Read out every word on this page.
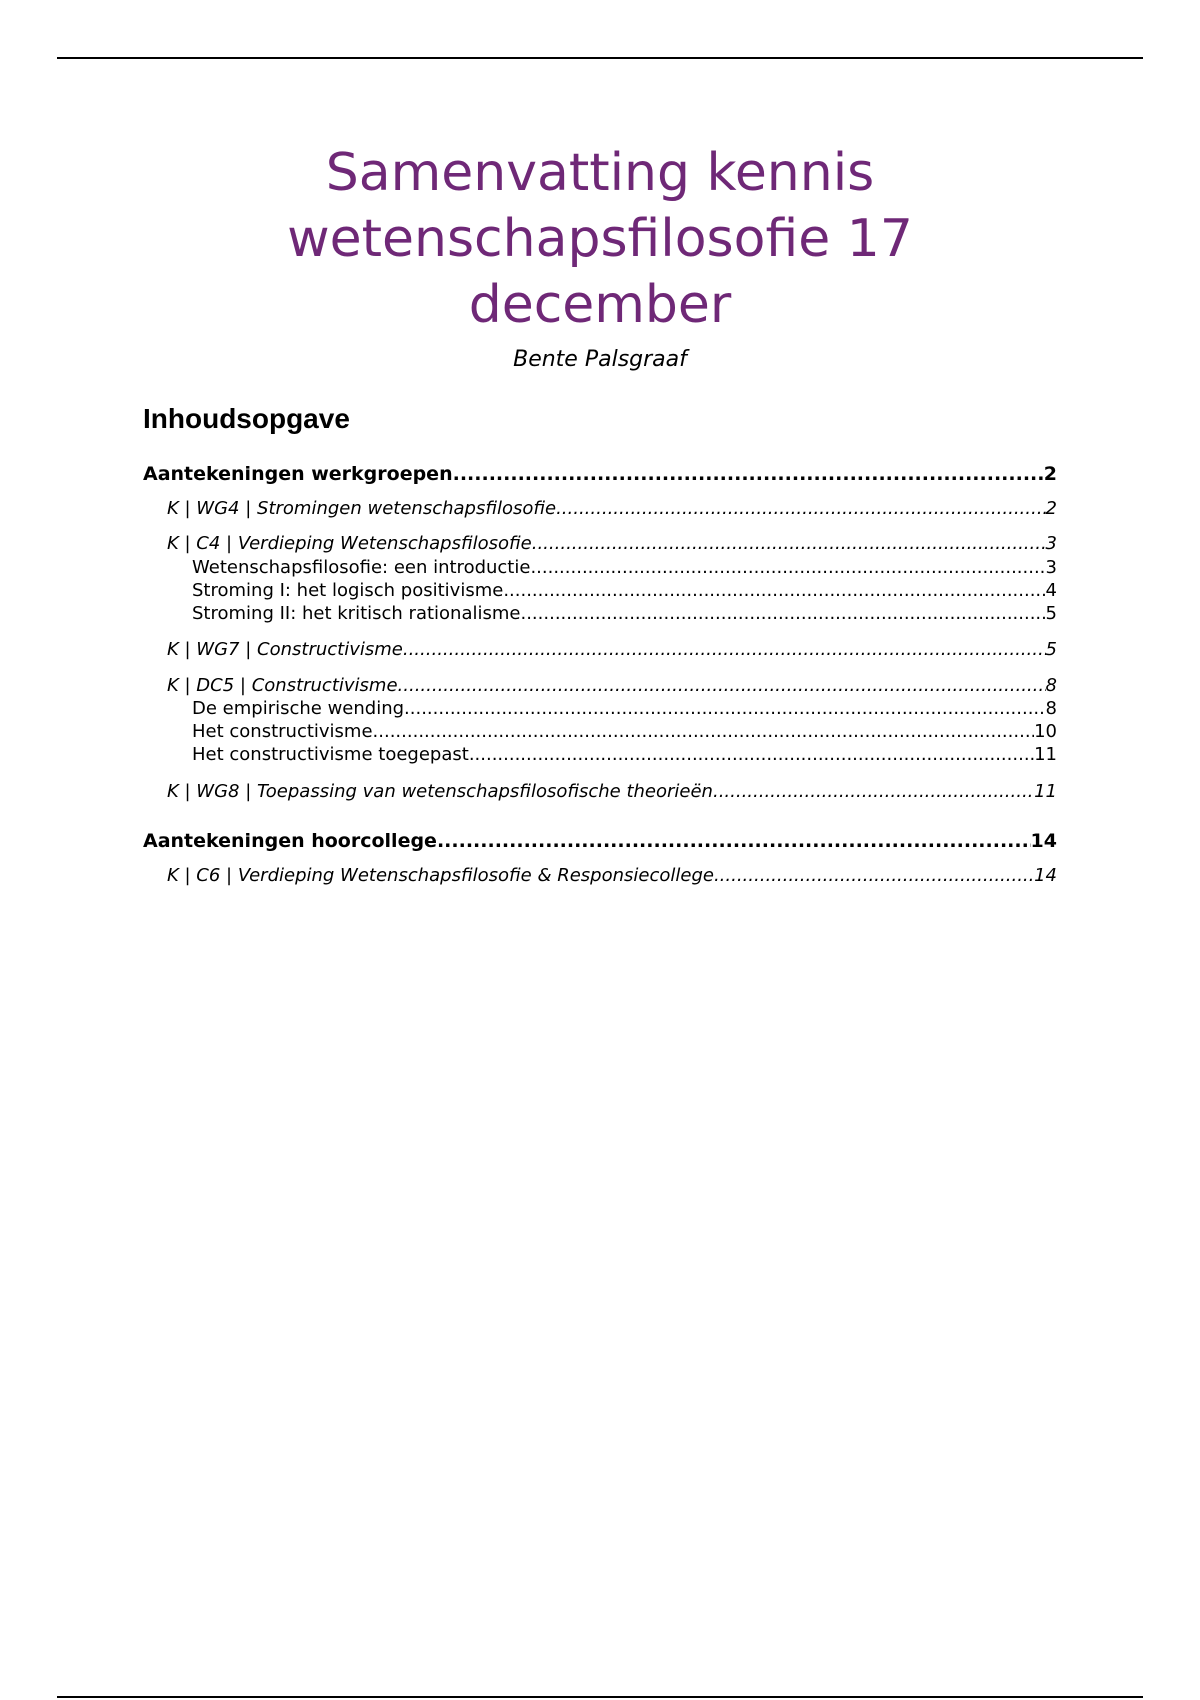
Samenvatting kennis
wetenschapsfilosofie 17
december
Bente Palsgraaf
Inhoudsopgave
Aantekeningen werkgroepen .....	2
K | WG4 | Stromingen wetenschapsfilosofie .....	2
K | C4 | Verdieping Wetenschapsfilosofie .....	3
Wetenschapsfilosofie: een introductie .....	3
Stroming I: het logisch positivisme .....	4
Stroming II: het kritisch rationalisme .....	5
K | WG7 | Constructivisme .....	5
K | DC5 | Constructivisme .....	8
De empirische wending .....	8
Het constructivisme .....	10
Het constructivisme toegepast .....	11
K | WG8 | Toepassing van wetenschapsfilosofische theorieën .....	11
Aantekeningen hoorcollege .....	14
K | C6 | Verdieping Wetenschapsfilosofie & Responsiecollege .....	14
